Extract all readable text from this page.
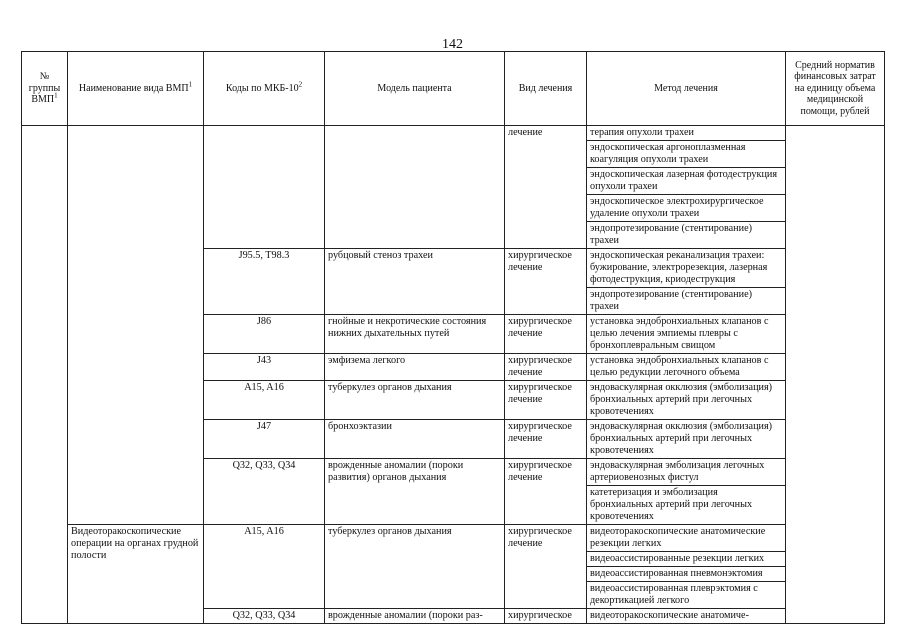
142
№ группы ВМП$^1$	Наименование вида ВМП$^1$	Коды по МКБ-$10^2$	Модель пациента	Вид лечения	Метод лечения	Средний норматив финансовых затрат на единицу объема медицинской помощи, рублей
				лечение	терапия опухоли трахеи	
					эндоскопическая аргоноплазменная коагуляция опухоли трахеи	
					эндоскопическая лазерная фотодеструкция опухоли трахеи	
					эндоскопическое электрохирургическое удаление опухоли трахеи	
					эндопротезирование (стентирование) трахеи	
		J95.5, T98.3	рубцовый стеноз трахеи	хирургическое лечение	эндоскопическая реканализация трахеи: бужирование, электрорезекция, лазерная фотодеструкция, криодеструкция	
					эндопротезирование (стентирование) трахеи	
		J86	гнойные и некротические состояния нижних дыхательных путей	хирургическое лечение	установка эндобронхиальных клапанов с целью лечения эмпиемы плевры с бронхоплевральным свищом	
		J43	эмфизема легкого	хирургическое лечение	установка эндобронхиальных клапанов с целью редукции легочного объема	
		A15, A16	туберкулез органов дыхания	хирургическое лечение	эндоваскулярная окклюзия (эмболизация) бронхиальных артерий при легочных кровотечениях	
		J47	бронхоэктазии	хирургическое лечение	эндоваскулярная окклюзия (эмболизация) бронхиальных артерий при легочных кровотечениях	
		Q32, Q33, Q34	врожденные аномалии (пороки развития) органов дыхания	хирургическое лечение	эндоваскулярная эмболизация легочных артериовенозных фистул	
					катетеризация и эмболизация бронхиальных артерий при легочных кровотечениях	
	Видеоторакоскопические операции на органах грудной полости	A15, A16	туберкулез органов дыхания	хирургическое лечение	видеоторакоскопические анатомические резекции легких	
					видеоассистированные резекции легких	
					видеоассистированная пневмонэктомия	
					видеоассистированная плеврэктомия с декортикацией легкого	
		Q32, Q33, Q34	врожденные аномалии (пороки раз-	хирургическое	видеоторакоскопические анатомиче-	
